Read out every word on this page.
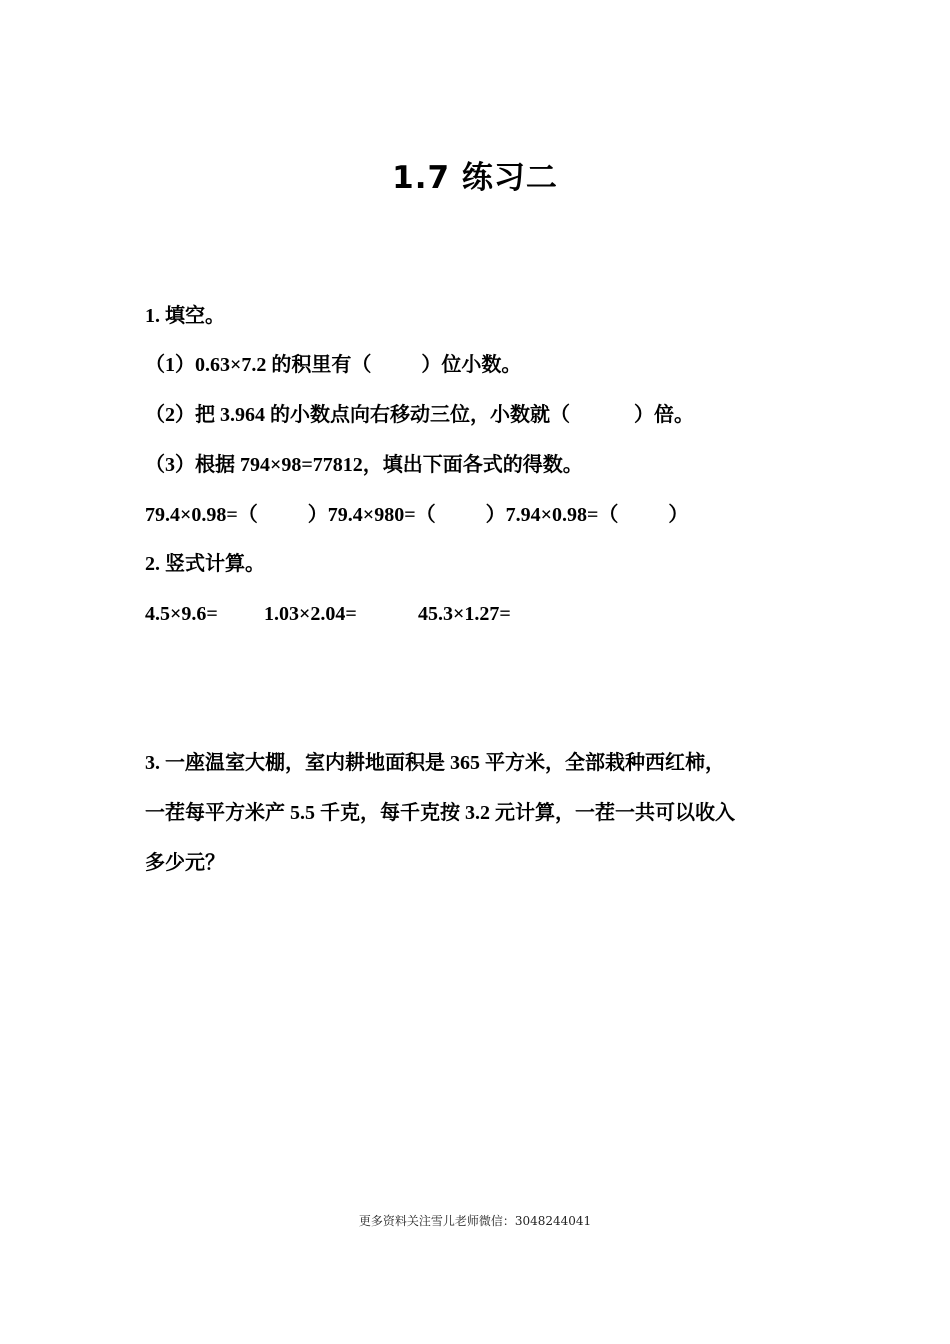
1.7 练习二
1. 填空。
（1）0.63×7.2 的积里有（	）位小数。
（2）把 3.964 的小数点向右移动三位，小数就（	）倍。
（3）根据 794×98=77812，填出下面各式的得数。
79.4×0.98=（	）79.4×980=（	）7.94×0.98=（	）
2. 竖式计算。
4.5×9.6= 1.03×2.04=	45.3×1.27=
3. 一座温室大棚，室内耕地面积是 365 平方米，全部栽种西红柿，
一茬每平方米产 5.5 千克，每千克按 3.2 元计算，一茬一共可以收入
多少元？
更多资料关注雪儿老师微信：3048244041
